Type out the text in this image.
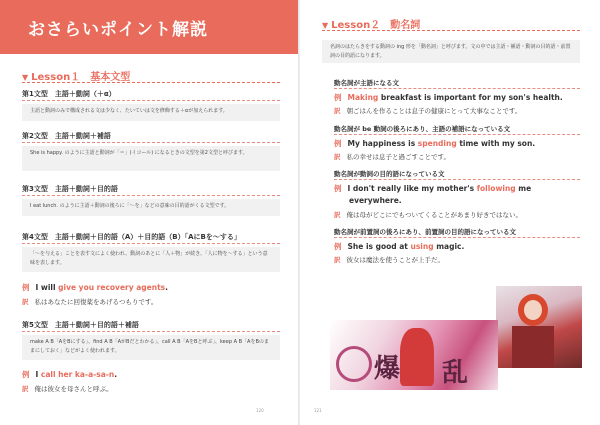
おさらいポイント解説
▼ Lesson１　基本文型
第1文型　主語＋動詞（＋α）
主語と動詞のみで構成される文は少なく、たいていは文を修飾する＋αが加えられます。
第2文型　主語＋動詞＋補語
She is happy. のように主語と動詞が「＝」(イコール) になるときの文型を第2文型と呼びます。
第3文型　主語＋動詞＋目的語
I eat lunch. のように主語＋動詞の後ろに「～を」などの意味の目的語がくる文型です。
第4文型　主語＋動詞＋目的語（A）＋目的語（B）「AにBを～する」
「～を与える」ことを表す文によく使われ、動詞のあとに「人＋物」が続き、「人に物を～する」という意味を表します。
例 I will give you recovery agents.
訳 私はあなたに回復薬をあげるつもりです。
第5文型　主語＋動詞＋目的語＋補語
make A B「AをBにする」、find A B「AがBだとわかる」、call A B「AをBと呼ぶ」、keep A B「AをBのままにしておく」などがよく使われます。
例 I call her ka-a-sa-n.
訳 俺は彼女を母さんと呼ぶ。
120
▼ Lesson２　動名詞
名詞のはたらきをする動詞の ing 形を「動名詞」と呼びます。文の中では主語・補語・動詞の目的語・前置詞の目的語になります。
動名詞が主語になる文
例 Making breakfast is important for my son's health.
訳 朝ごはんを作ることは息子の健康にとって大事なことです。
動名詞が be 動詞の後ろにあり、主語の補語になっている文
例 My happiness is spending time with my son.
訳 私の幸せは息子と過ごすことです。
動名詞が動詞の目的語になっている文
例 I don't really like my mother's following me
everywhere.
訳 俺は母がどこにでもついてくることがあまり好きではない。
動名詞が前置詞の後ろにあり、前置詞の目的語になっている文
例 She is good at using magic.
訳 彼女は魔法を使うことが上手だ。
爆 乱
121
